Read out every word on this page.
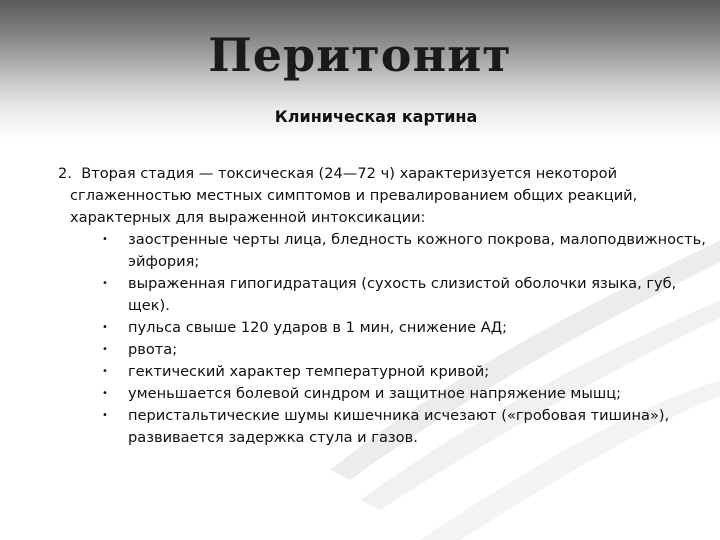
Перитонит
Клиническая картина

2. Вторая стадия — токсическая (24—72 ч) характеризуется некоторой сглаженностью местных симптомов и превалированием общих реакций, характерных для выраженной интоксикации:

• заостренные черты лица, бледность кожного покрова, малоподвижность, эйфория;
• выраженная гипогидратация (сухость слизистой оболочки языка, губ, щек).
• пульса свыше 120 ударов в 1 мин, снижение АД;
• рвота;
• гектический характер температурной кривой;
• уменьшается болевой синдром и защитное напряжение мышц;
• перистальтические шумы кишечника исчезают («гробовая тишина»), развивается задержка стула и газов.
